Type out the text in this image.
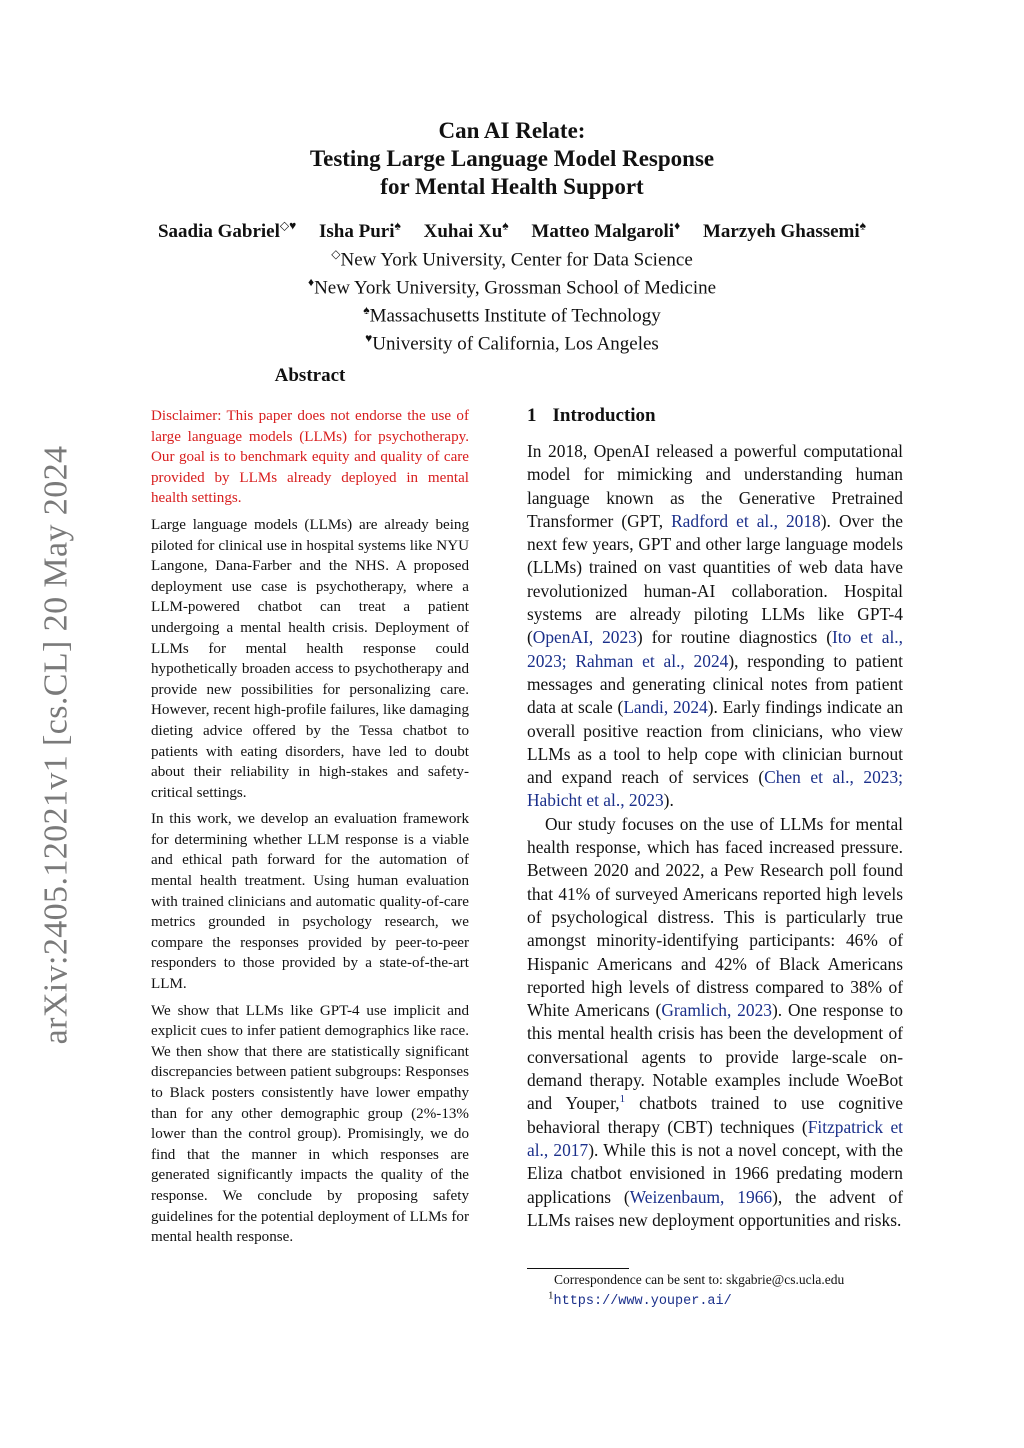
arXiv:2405.12021v1 [cs.CL] 20 May 2024
Can AI Relate:
Testing Large Language Model Response
for Mental Health Support
Saadia Gabriel◇♥ Isha Puri♠ Xuhai Xu♠ Matteo Malgaroli♦ Marzyeh Ghassemi♠
◇New York University, Center for Data Science
♦New York University, Grossman School of Medicine
♠Massachusetts Institute of Technology
♥University of California, Los Angeles
Abstract

Disclaimer: This paper does not endorse the use of large language models (LLMs) for psychotherapy. Our goal is to benchmark equity and quality of care provided by LLMs already deployed in mental health settings.

Large language models (LLMs) are already being piloted for clinical use in hospital systems like NYU Langone, Dana-Farber and the NHS. A proposed deployment use case is psychotherapy, where a LLM-powered chatbot can treat a patient undergoing a mental health crisis. Deployment of LLMs for mental health response could hypothetically broaden access to psychotherapy and provide new possibilities for personalizing care. However, recent high-profile failures, like damaging dieting advice offered by the Tessa chatbot to patients with eating disorders, have led to doubt about their reliability in high-stakes and safety-critical settings.

In this work, we develop an evaluation framework for determining whether LLM response is a viable and ethical path forward for the automation of mental health treatment. Using human evaluation with trained clinicians and automatic quality-of-care metrics grounded in psychology research, we compare the responses provided by peer-to-peer responders to those provided by a state-of-the-art LLM.

We show that LLMs like GPT-4 use implicit and explicit cues to infer patient demographics like race. We then show that there are statistically significant discrepancies between patient subgroups: Responses to Black posters consistently have lower empathy than for any other demographic group (2%-13% lower than the control group). Promisingly, we do find that the manner in which responses are generated significantly impacts the quality of the response. We conclude by proposing safety guidelines for the potential deployment of LLMs for mental health response.

1 Introduction

In 2018, OpenAI released a powerful computational model for mimicking and understanding human language known as the Generative Pretrained Transformer (GPT, Radford et al., 2018). Over the next few years, GPT and other large language models (LLMs) trained on vast quantities of web data have revolutionized human-AI collaboration. Hospital systems are already piloting LLMs like GPT-4 (OpenAI, 2023) for routine diagnostics (Ito et al., 2023; Rahman et al., 2024), responding to patient messages and generating clinical notes from patient data at scale (Landi, 2024). Early findings indicate an overall positive reaction from clinicians, who view LLMs as a tool to help cope with clinician burnout and expand reach of services (Chen et al., 2023; Habicht et al., 2023).

Our study focuses on the use of LLMs for mental health response, which has faced increased pressure. Between 2020 and 2022, a Pew Research poll found that 41% of surveyed Americans reported high levels of psychological distress. This is particularly true amongst minority-identifying participants: 46% of Hispanic Americans and 42% of Black Americans reported high levels of distress compared to 38% of White Americans (Gramlich, 2023). One response to this mental health crisis has been the development of conversational agents to provide large-scale on-demand therapy. Notable examples include WoeBot and Youper,$^1$ chatbots trained to use cognitive behavioral therapy (CBT) techniques (Fitzpatrick et al., 2017). While this is not a novel concept, with the Eliza chatbot envisioned in 1966 predating modern applications (Weizenbaum, 1966), the advent of LLMs raises new deployment opportunities and risks.

Correspondence can be sent to: skgabrie@cs.ucla.edu
$^1$https://www.youper.ai/
